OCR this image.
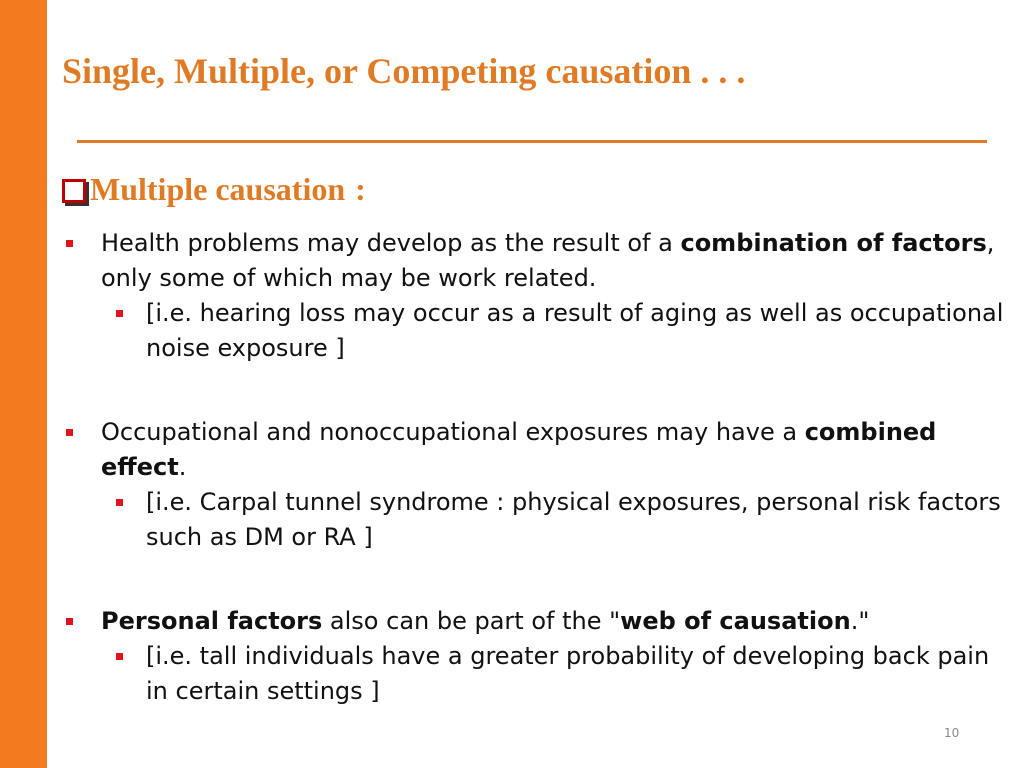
Single, Multiple, or Competing causation . . .
Multiple causation :
Health problems may develop as the result of a combination of factors, only some of which may be work related.
[i.e. hearing loss may occur as a result of aging as well as occupational noise exposure ]
Occupational and nonoccupational exposures may have a combined effect.
[i.e. Carpal tunnel syndrome : physical exposures, personal risk factors such as DM or RA ]
Personal factors also can be part of the "web of causation."
[i.e. tall individuals have a greater probability of developing back pain in certain settings ]
10
